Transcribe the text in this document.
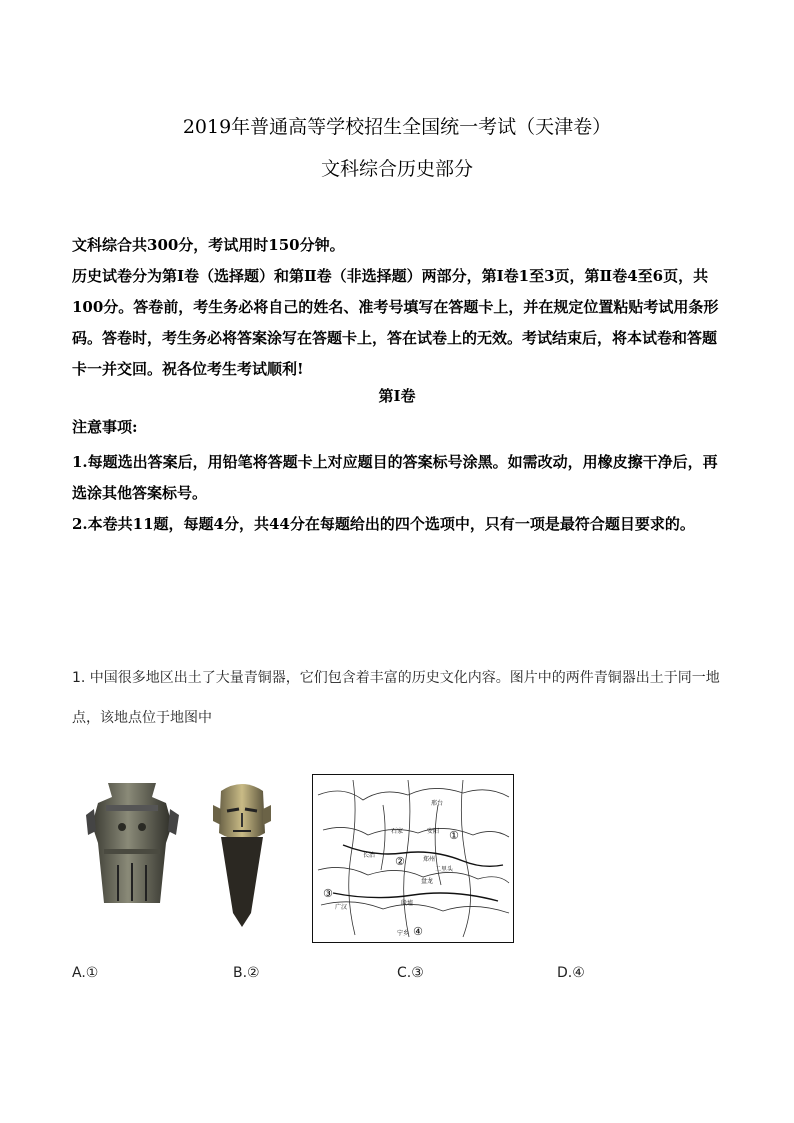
2019年普通高等学校招生全国统一考试（天津卷）
文科综合历史部分
文科综合共300分，考试用时150分钟。
历史试卷分为第Ⅰ卷（选择题）和第Ⅱ卷（非选择题）两部分，第Ⅰ卷1至3页，第Ⅱ卷4至6页，共100分。答卷前，考生务必将自己的姓名、准考号填写在答题卡上，并在规定位置粘贴考试用条形码。答卷时，考生务必将答案涂写在答题卡上，答在试卷上的无效。考试结束后，将本试卷和答题卡一并交回。祝各位考生考试顺利!
第Ⅰ卷
注意事项:
1.每题选出答案后，用铅笔将答题卡上对应题目的答案标号涂黑。如需改动，用橡皮擦干净后，再选涂其他答案标号。
2.本卷共11题，每题4分，共44分在每题给出的四个选项中，只有一项是最符合题目要求的。
1. 中国很多地区出土了大量青铜器，它们包含着丰富的历史文化内容。图片中的两件青铜器出土于同一地点，该地点位于地图中
①
②
③
④
石家
邢台
郑州
安阳
长治
二里头
广汉
盘龙
宁乡
殷墟
A.①	B.②	C.③	D.④
